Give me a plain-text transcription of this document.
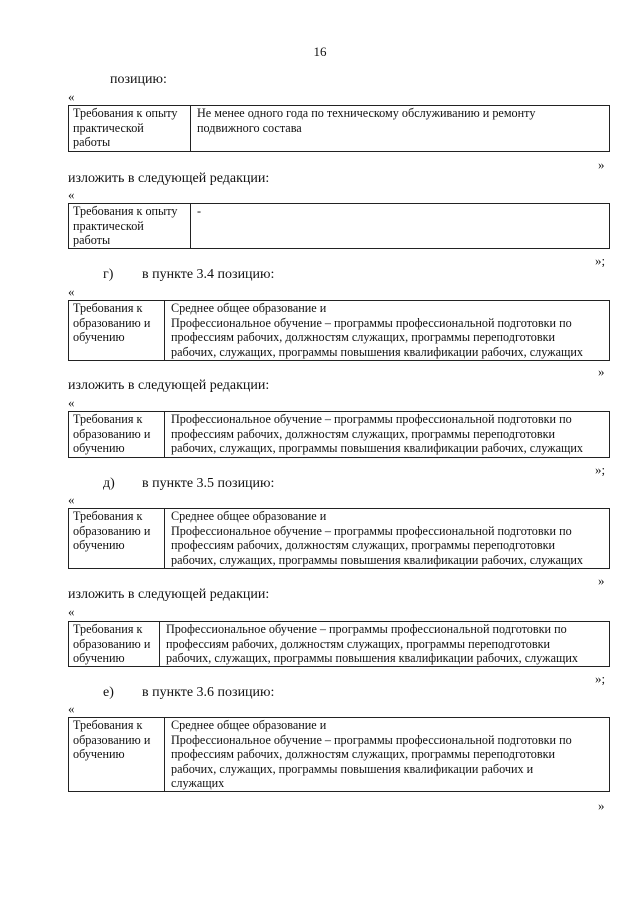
16
позицию:
«
Требования к опыту
практической
работы

Не менее одного года по техническому обслуживанию и ремонту
подвижного состава
»
изложить в следующей редакции:
«
Требования к опыту
практической
работы

-
»;
г) в пункте 3.4 позицию:
«
Требования к
образованию и
обучению

Среднее общее образование и
Профессиональное обучение – программы профессиональной подготовки по
профессиям рабочих, должностям служащих, программы переподготовки
рабочих, служащих, программы повышения квалификации рабочих, служащих
»
изложить в следующей редакции:
«
Требования к
образованию и
обучению

Профессиональное обучение – программы профессиональной подготовки по
профессиям рабочих, должностям служащих, программы переподготовки
рабочих, служащих, программы повышения квалификации рабочих, служащих
»;
д) в пункте 3.5 позицию:
«
Требования к
образованию и
обучению

Среднее общее образование и
Профессиональное обучение – программы профессиональной подготовки по
профессиям рабочих, должностям служащих, программы переподготовки
рабочих, служащих, программы повышения квалификации рабочих, служащих
»
изложить в следующей редакции:
«
Требования к
образованию и
обучению

Профессиональное обучение – программы профессиональной подготовки по
профессиям рабочих, должностям служащих, программы переподготовки
рабочих, служащих, программы повышения квалификации рабочих, служащих
»;
е) в пункте 3.6 позицию:
«
Требования к
образованию и
обучению

Среднее общее образование и
Профессиональное обучение – программы профессиональной подготовки по
профессиям рабочих, должностям служащих, программы переподготовки
рабочих, служащих, программы повышения квалификации рабочих и
служащих
»
